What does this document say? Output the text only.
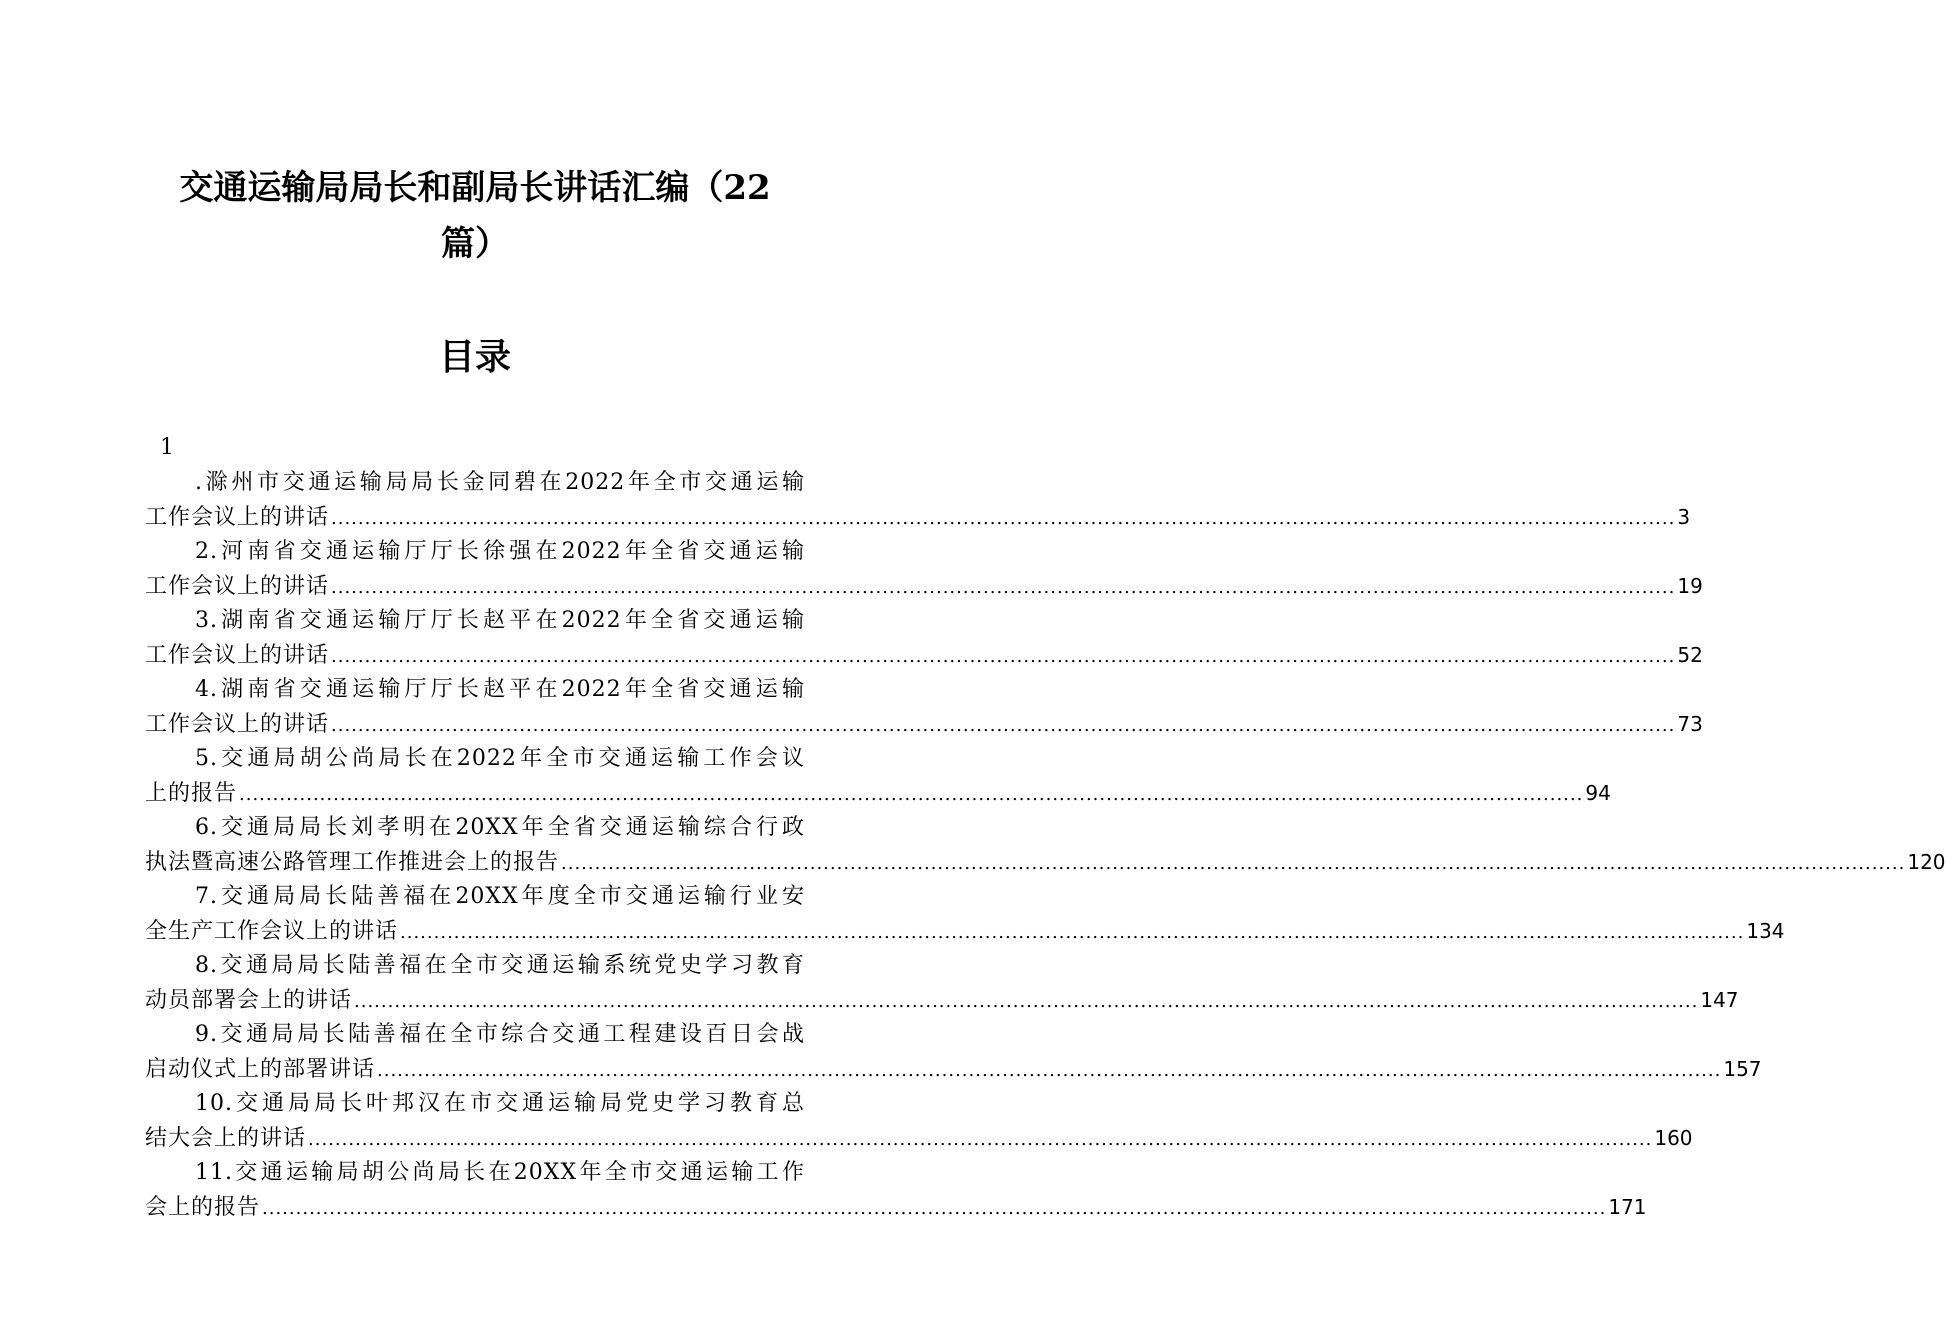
交通运输局局长和副局长讲话汇编（22
篇）
目录
1
.滁州市交通运输局局长金同碧在2022年全市交通运输
工作会议上的讲话 ........................................................................................................................................................................................................ 3
2.河南省交通运输厅厅长徐强在2022年全省交通运输
工作会议上的讲话 ........................................................................................................................................................................................................ 19
3.湖南省交通运输厅厅长赵平在2022年全省交通运输
工作会议上的讲话 ........................................................................................................................................................................................................ 52
4.湖南省交通运输厅厅长赵平在2022年全省交通运输
工作会议上的讲话 ........................................................................................................................................................................................................ 73
5.交通局胡公尚局长在2022年全市交通运输工作会议
上的报告 ........................................................................................................................................................................................................ 94
6.交通局局长刘孝明在20XX年全省交通运输综合行政
执法暨高速公路管理工作推进会上的报告 ........................................................................................................................................................................................................ 120
7.交通局局长陆善福在20XX年度全市交通运输行业安
全生产工作会议上的讲话 ........................................................................................................................................................................................................ 134
8.交通局局长陆善福在全市交通运输系统党史学习教育
动员部署会上的讲话 ........................................................................................................................................................................................................ 147
9.交通局局长陆善福在全市综合交通工程建设百日会战
启动仪式上的部署讲话 ........................................................................................................................................................................................................ 157
10.交通局局长叶邦汉在市交通运输局党史学习教育总
结大会上的讲话 ........................................................................................................................................................................................................ 160
11.交通运输局胡公尚局长在20XX年全市交通运输工作
会上的报告 ........................................................................................................................................................................................................ 171
